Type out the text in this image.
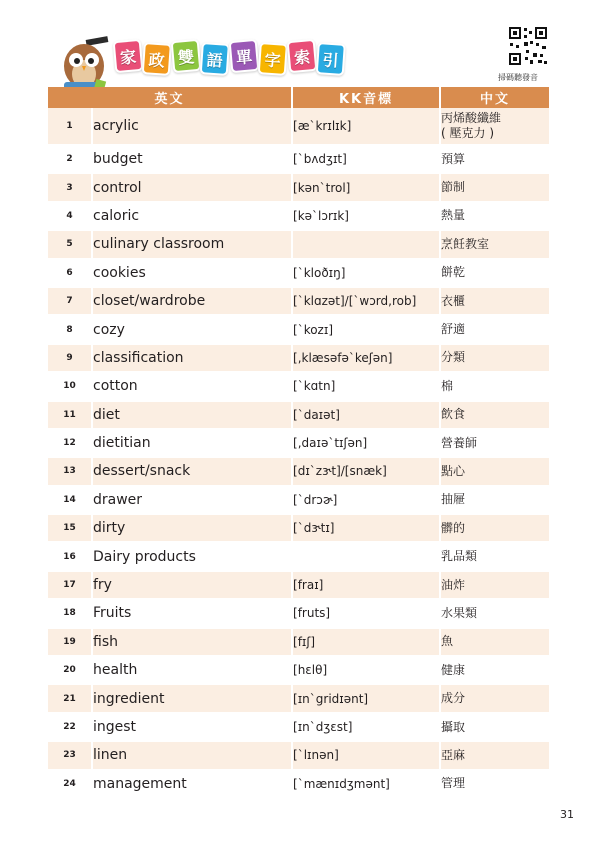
家 政 雙 語 單 字 索 引
掃碼聽發音
英文		KK音標	中文
1	acrylic	[æ`krɪlɪk]	丙烯酸纖維
( 壓克力 )
2	budget	[`bʌdʒɪt]	預算
3	control	[kən`trol]	節制
4	caloric	[kə`lɔrɪk]	熱量
5	culinary classroom		烹飪教室
6	cookies	[`kloðɪŋ]	餅乾
7	closet/wardrobe	[`klɑzət]/[`wɔrd,rob]	衣櫃
8	cozy	[`kozɪ]	舒適
9	classification	[,klæsəfə`keʃən]	分類
10	cotton	[`kɑtn]	棉
11	diet	[`daɪət]	飲食
12	dietitian	[,daɪə`tɪʃən]	營養師
13	dessert/snack	[dɪ`zɝt]/[snæk]	點心
14	drawer	[`drɔɚ]	抽屜
15	dirty	[`dɝtɪ]	髒的
16	Dairy products		乳品類
17	fry	[fraɪ]	油炸
18	Fruits	[fruts]	水果類
19	fish	[fɪʃ]	魚
20	health	[hɛlθ]	健康
21	ingredient	[ɪn`gridɪənt]	成分
22	ingest	[ɪn`dʒɛst]	攝取
23	linen	[`lɪnən]	亞麻
24	management	[`mænɪdʒmənt]	管理
31
